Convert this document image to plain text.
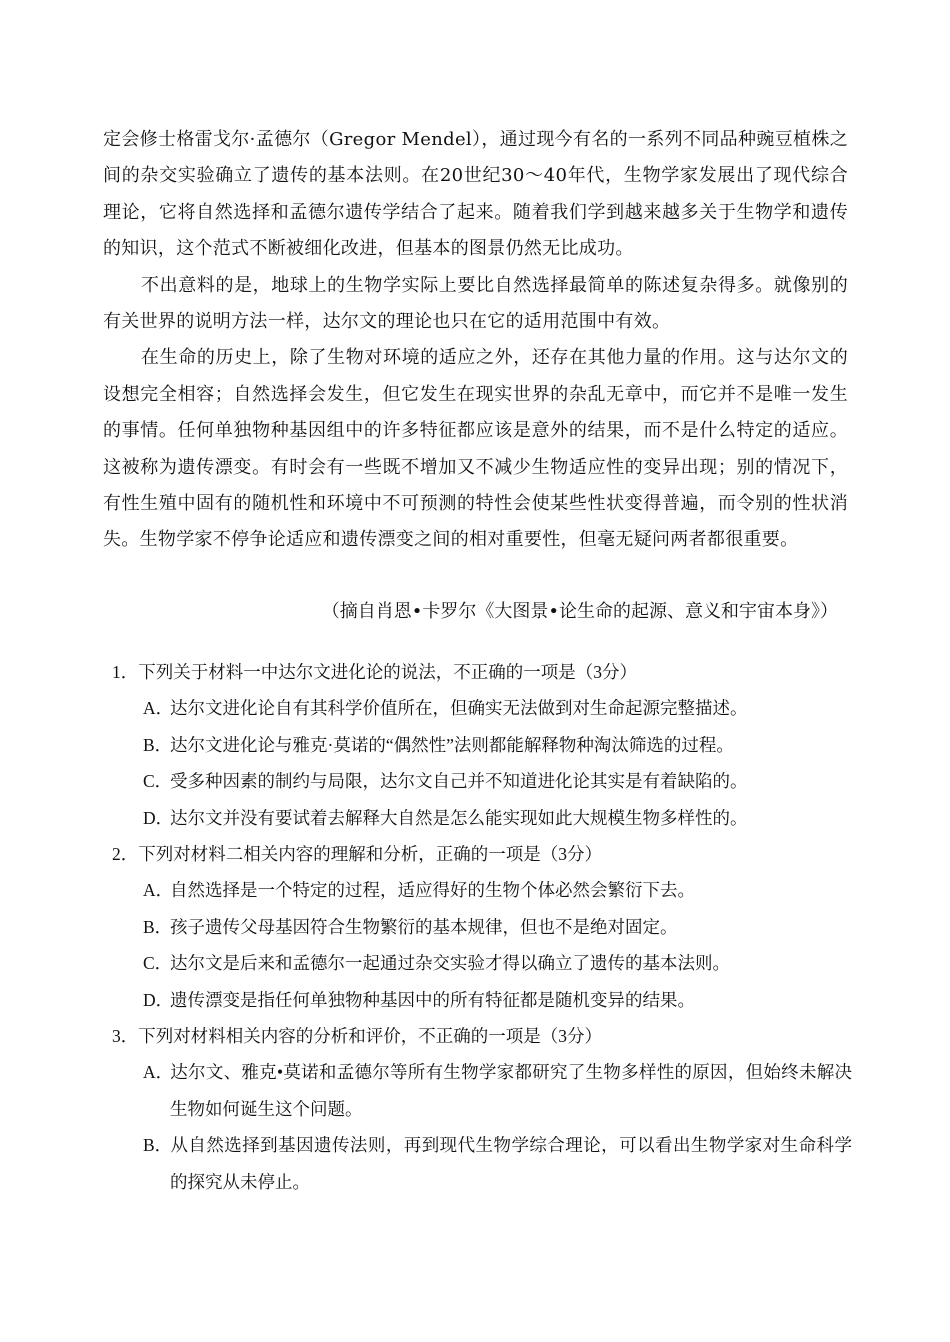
定会修士格雷戈尔·孟德尔（Gregor Mendel），通过现今有名的一系列不同品种豌豆植株之间的杂交实验确立了遗传的基本法则。在20世纪30～40年代，生物学家发展出了现代综合理论，它将自然选择和孟德尔遗传学结合了起来。随着我们学到越来越多关于生物学和遗传的知识，这个范式不断被细化改进，但基本的图景仍然无比成功。

不出意料的是，地球上的生物学实际上要比自然选择最简单的陈述复杂得多。就像别的有关世界的说明方法一样，达尔文的理论也只在它的适用范围中有效。

在生命的历史上，除了生物对环境的适应之外，还存在其他力量的作用。这与达尔文的设想完全相容；自然选择会发生，但它发生在现实世界的杂乱无章中，而它并不是唯一发生的事情。任何单独物种基因组中的许多特征都应该是意外的结果，而不是什么特定的适应。这被称为遗传漂变。有时会有一些既不增加又不减少生物适应性的变异出现；别的情况下，有性生殖中固有的随机性和环境中不可预测的特性会使某些性状变得普遍，而令别的性状消失。生物学家不停争论适应和遗传漂变之间的相对重要性，但毫无疑问两者都很重要。

（摘自肖恩•卡罗尔《大图景•论生命的起源、意义和宇宙本身》）

1．下列关于材料一中达尔文进化论的说法，不正确的一项是（3分）

A．达尔文进化论自有其科学价值所在，但确实无法做到对生命起源完整描述。

B．达尔文进化论与雅克·莫诺的“偶然性”法则都能解释物种淘汰筛选的过程。

C．受多种因素的制约与局限，达尔文自己并不知道进化论其实是有着缺陷的。

D．达尔文并没有要试着去解释大自然是怎么能实现如此大规模生物多样性的。

2．下列对材料二相关内容的理解和分析，正确的一项是（3分）

A．自然选择是一个特定的过程，适应得好的生物个体必然会繁衍下去。

B．孩子遗传父母基因符合生物繁衍的基本规律，但也不是绝对固定。

C．达尔文是后来和孟德尔一起通过杂交实验才得以确立了遗传的基本法则。

D．遗传漂变是指任何单独物种基因中的所有特征都是随机变异的结果。

3．下列对材料相关内容的分析和评价，不正确的一项是（3分）

A．达尔文、雅克•莫诺和孟德尔等所有生物学家都研究了生物多样性的原因，但始终未解决生物如何诞生这个问题。

B．从自然选择到基因遗传法则，再到现代生物学综合理论，可以看出生物学家对生命科学的探究从未停止。
